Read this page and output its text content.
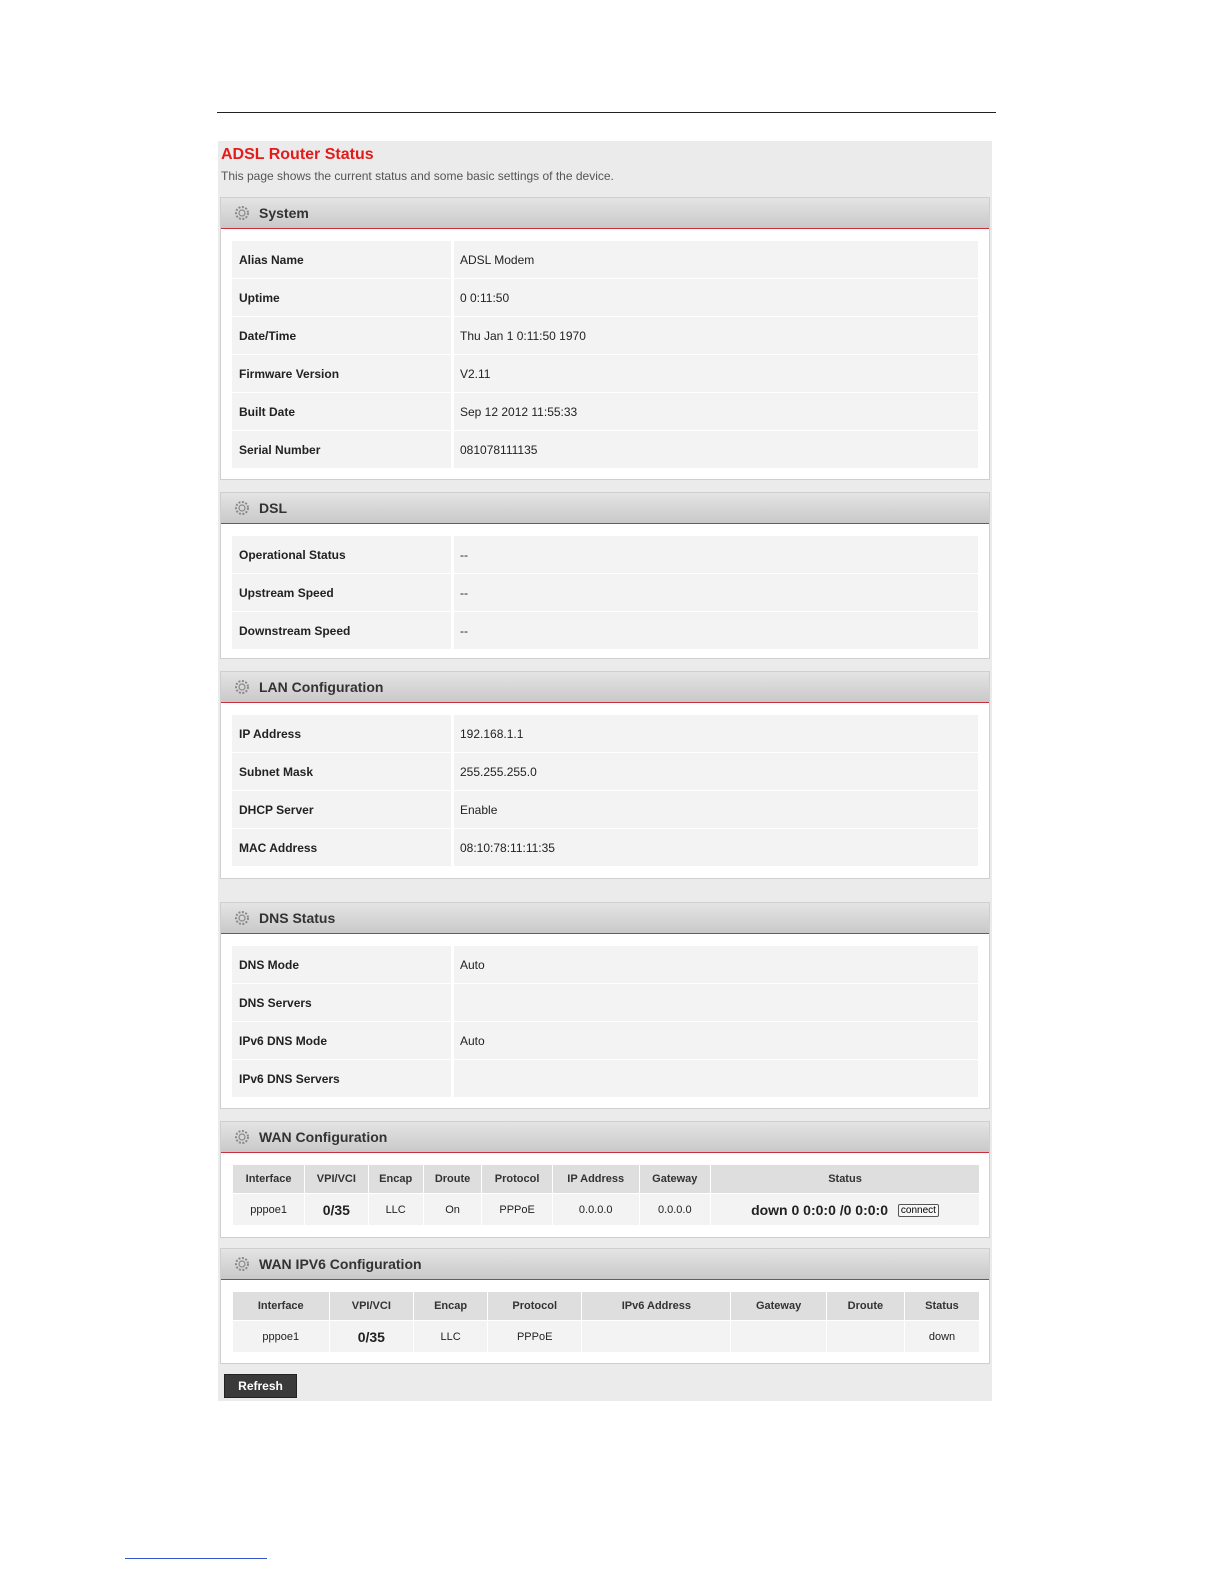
ADSL Router Status
This page shows the current status and some basic settings of the device.
System
Alias Name	ADSL Modem
Uptime	0 0:11:50
Date/Time	Thu Jan 1 0:11:50 1970
Firmware Version	V2.11
Built Date	Sep 12 2012 11:55:33
Serial Number	081078111135
DSL
Operational Status	--
Upstream Speed	--
Downstream Speed	--
LAN Configuration
IP Address	192.168.1.1
Subnet Mask	255.255.255.0
DHCP Server	Enable
MAC Address	08:10:78:11:11:35
DNS Status
DNS Mode	Auto
DNS Servers
IPv6 DNS Mode	Auto
IPv6 DNS Servers
WAN Configuration
Interface	VPI/VCI	Encap	Droute	Protocol	IP Address	Gateway	Status
pppoe1	0/35	LLC	On	PPPoE	0.0.0.0	0.0.0.0	down 0 0:0:0 /0 0:0:0 connect
WAN IPV6 Configuration
Interface	VPI/VCI	Encap	Protocol	IPv6 Address	Gateway	Droute	Status
pppoe1	0/35	LLC	PPPoE				down
Refresh
